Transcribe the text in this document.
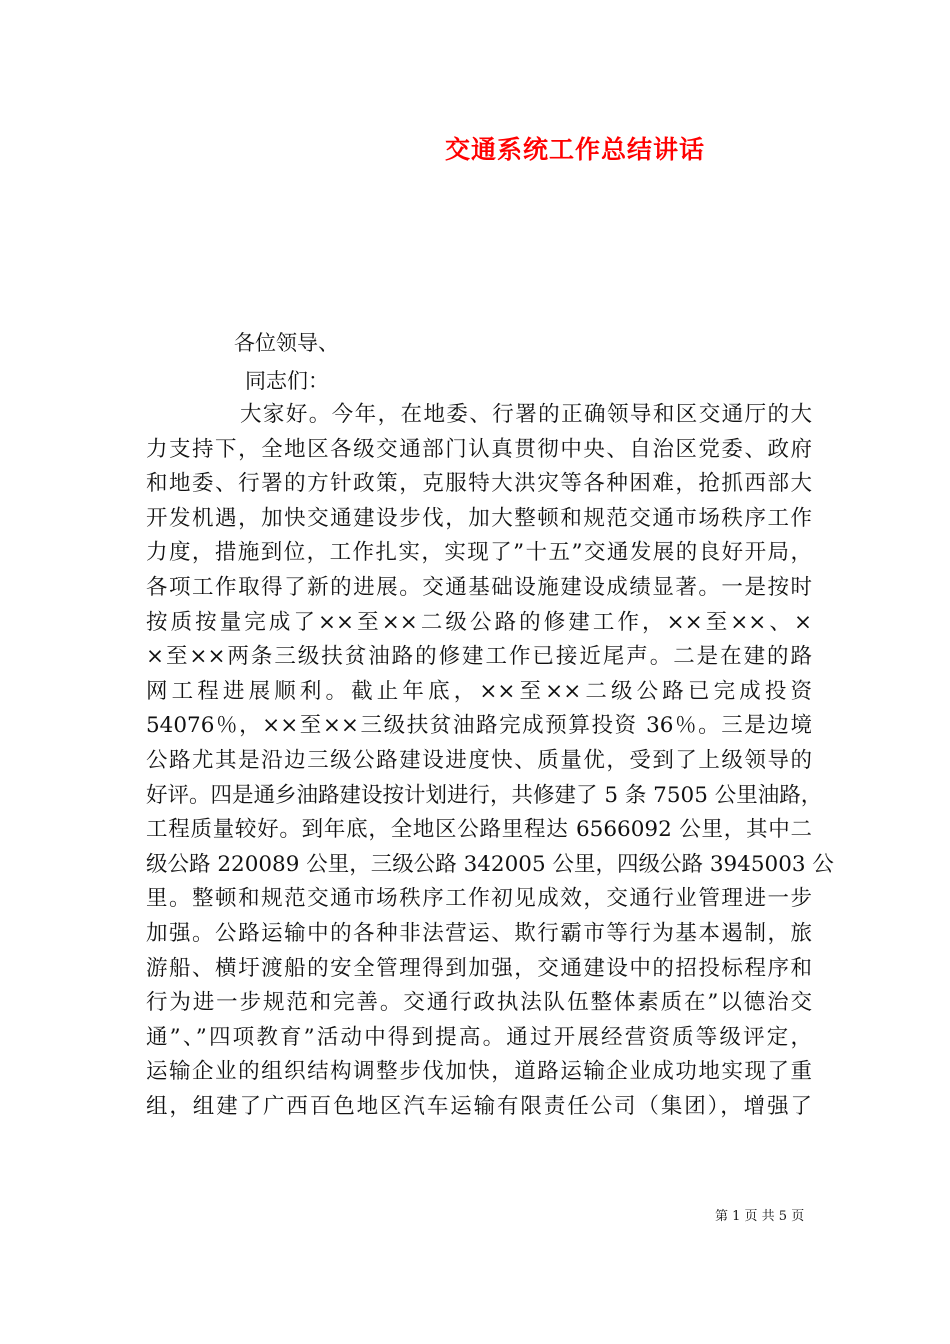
交通系统工作总结讲话

各位领导、

同志们：

大家好。今年，在地委、行署的正确领导和区交通厅的大
力支持下，全地区各级交通部门认真贯彻中央、自治区党委、政府
和地委、行署的方针政策，克服特大洪灾等各种困难，抢抓西部大
开发机遇，加快交通建设步伐，加大整顿和规范交通市场秩序工作
力度，措施到位，工作扎实，实现了”十五”交通发展的良好开局，
各项工作取得了新的进展。交通基础设施建设成绩显著。一是按时
按质按量完成了××至××二级公路的修建工作，××至××、×
×至××两条三级扶贫油路的修建工作已接近尾声。二是在建的路
网工程进展顺利。截止年底，××至××二级公路已完成投资
54076％，××至××三级扶贫油路完成预算投资 36％。三是边境
公路尤其是沿边三级公路建设进度快、质量优，受到了上级领导的
好评。四是通乡油路建设按计划进行，共修建了 5 条 7505 公里油路，
工程质量较好。到年底，全地区公路里程达 6566092 公里，其中二
级公路 220089 公里，三级公路 342005 公里，四级公路 3945003 公
里。整顿和规范交通市场秩序工作初见成效，交通行业管理进一步
加强。公路运输中的各种非法营运、欺行霸市等行为基本遏制，旅
游船、横圩渡船的安全管理得到加强，交通建设中的招投标程序和
行为进一步规范和完善。交通行政执法队伍整体素质在”以德治交
通”、”四项教育”活动中得到提高。通过开展经营资质等级评定，
运输企业的组织结构调整步伐加快，道路运输企业成功地实现了重
组，组建了广西百色地区汽车运输有限责任公司（集团），增强了

第 1 页 共 5 页
